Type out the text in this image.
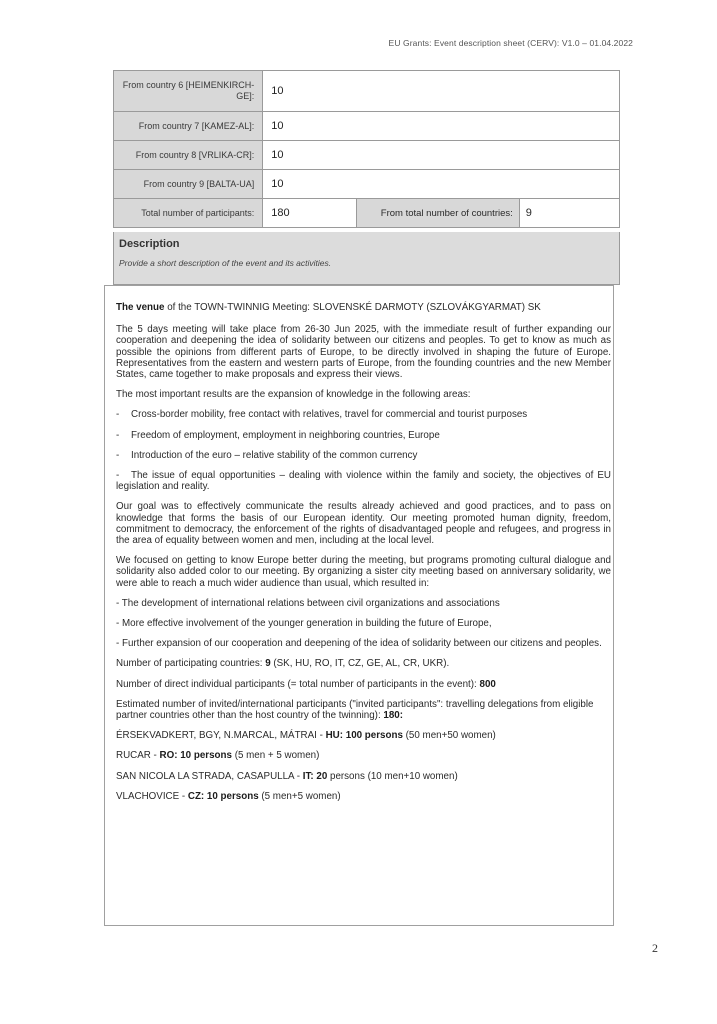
EU Grants: Event description sheet (CERV): V1.0 – 01.04.2022
From country 6 [HEIMENKIRCH-GE]:	10		
From country 7 [KAMEZ-AL]:	10		
From country 8 [VRLIKA-CR]:	10		
From country 9 [BALTA-UA]	10		
Total number of participants:	180	From total number of countries:	9
Description
Provide a short description of the event and its activities.

The venue of the TOWN-TWINNIG Meeting: SLOVENSKÉ DARMOTY (SZLOVÁKGYARMAT) SK

The 5 days meeting will take place from 26-30 Jun 2025, with the immediate result of further expanding our cooperation and deepening the idea of solidarity between our citizens and peoples. To get to know as much as possible the opinions from different parts of Europe, to be directly involved in shaping the future of Europe. Representatives from the eastern and western parts of Europe, from the founding countries and the new Member States, came together to make proposals and express their views.

The most important results are the expansion of knowledge in the following areas:

- Cross-border mobility, free contact with relatives, travel for commercial and tourist purposes

- Freedom of employment, employment in neighboring countries, Europe

- Introduction of the euro – relative stability of the common currency

- The issue of equal opportunities – dealing with violence within the family and society, the objectives of EU legislation and reality.

Our goal was to effectively communicate the results already achieved and good practices, and to pass on knowledge that forms the basis of our European identity. Our meeting promoted human dignity, freedom, commitment to democracy, the enforcement of the rights of disadvantaged people and refugees, and progress in the area of equality between women and men, including at the local level.

We focused on getting to know Europe better during the meeting, but programs promoting cultural dialogue and solidarity also added color to our meeting. By organizing a sister city meeting based on anniversary solidarity, we were able to reach a much wider audience than usual, which resulted in:

- The development of international relations between civil organizations and associations

- More effective involvement of the younger generation in building the future of Europe,

- Further expansion of our cooperation and deepening of the idea of solidarity between our citizens and peoples.

Number of participating countries: 9 (SK, HU, RO, IT, CZ, GE, AL, CR, UKR).

Number of direct individual participants (= total number of participants in the event): 800

Estimated number of invited/international participants ("invited participants": travelling delegations from eligible partner countries other than the host country of the twinning): 180:

ÉRSEKVADKERT, BGY, N.MARCAL, MÁTRAI - HU: 100 persons (50 men+50 women)

RUCAR - RO: 10 persons (5 men + 5 women)

SAN NICOLA LA STRADA, CASAPULLA - IT: 20 persons (10 men+10 women)

VLACHOVICE - CZ: 10 persons (5 men+5 women)

2
